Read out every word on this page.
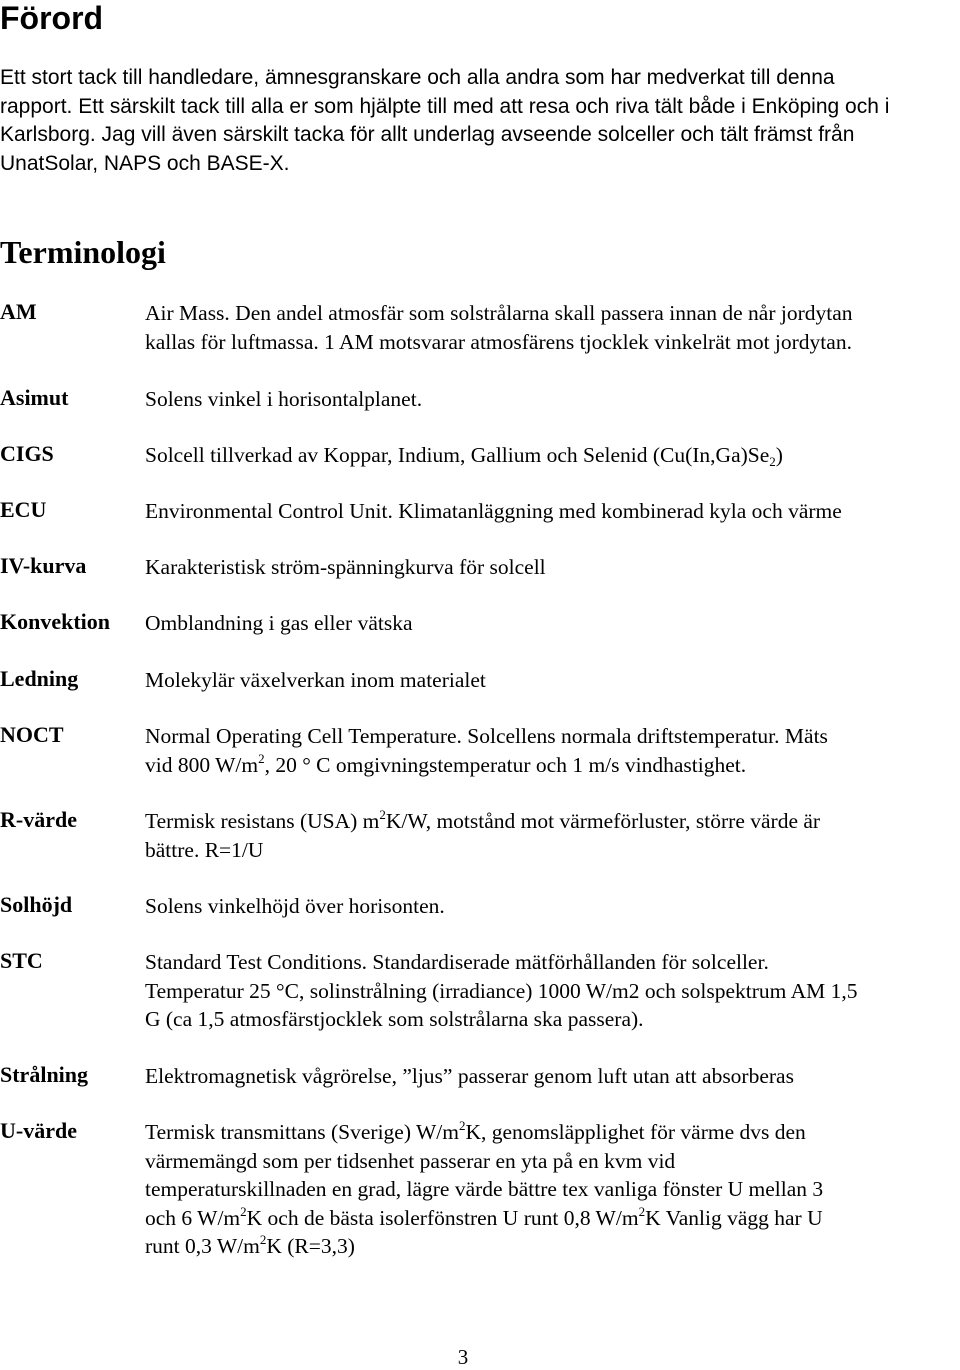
Förord

Ett stort tack till handledare, ämnesgranskare och alla andra som har medverkat till denna
rapport. Ett särskilt tack till alla er som hjälpte till med att resa och riva tält både i Enköping och i
Karlsborg. Jag vill även särskilt tacka för allt underlag avseende solceller och tält främst från
UnatSolar, NAPS och BASE-X.

Terminologi
AM	Air Mass. Den andel atmosfär som solstrålarna skall passera innan de når jordytan
kallas för luftmassa. 1 AM motsvarar atmosfärens tjocklek vinkelrät mot jordytan.
Asimut	Solens vinkel i horisontalplanet.
CIGS	Solcell tillverkad av Koppar, Indium, Gallium och Selenid $(Cu(In,Ga)Se_2)$
ECU	Environmental Control Unit. Klimatanläggning med kombinerad kyla och värme
IV-kurva	Karakteristisk ström-spänningkurva för solcell
Konvektion Omblandning i gas eller vätska
Ledning	Molekylär växelverkan inom materialet
NOCT	Normal Operating Cell Temperature. Solcellens normala driftstemperatur. Mäts
vid 800 $W/m^2$, 20 ° C omgivningstemperatur och 1 m/s vindhastighet.
R-värde	Termisk resistans (USA) $m^2K/W$, motstånd mot värmeförluster, större värde är
bättre. R=1/U
Solhöjd	Solens vinkelhöjd över horisonten.
STC	Standard Test Conditions. Standardiserade mätförhållanden för solceller.
Temperatur 25 °C, solinstrålning (irradiance) 1000 W/m2 och solspektrum AM 1,5
G (ca 1,5 atmosfärstjocklek som solstrålarna ska passera).
Strålning	Elektromagnetisk vågrörelse, ”ljus” passerar genom luft utan att absorberas
U-värde	Termisk transmittans (Sverige) $W/m^2K$, genomsläpplighet för värme dvs den
värmemängd som per tidsenhet passerar en yta på en kvm vid
temperaturskillnaden en grad, lägre värde bättre tex vanliga fönster U mellan 3
och 6 $W/m^2K$ och de bästa isolerfönstren U runt 0,8 $W/m^2K$ Vanlig vägg har U
runt 0,3 $W/m^2K$ (R=3,3)
3
